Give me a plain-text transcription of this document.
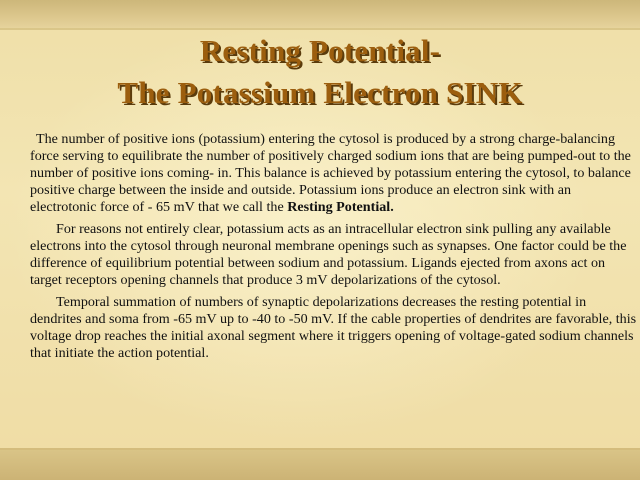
Resting Potential-
The Potassium Electron SINK

The number of positive ions (potassium) entering the cytosol is produced by a strong charge-balancing force serving to equilibrate the number of positively charged sodium ions that are being pumped-out to the number of positive ions coming- in. This balance is achieved by potassium entering the cytosol, to balance positive charge between the inside and outside. Potassium ions produce an electron sink with an electrotonic force of - 65 mV that we call the Resting Potential.

For reasons not entirely clear, potassium acts as an intracellular electron sink pulling any available electrons into the cytosol through neuronal membrane openings such as synapses. One factor could be the difference of equilibrium potential between sodium and potassium. Ligands ejected from axons act on target receptors opening channels that produce 3 mV depolarizations of the cytosol.

Temporal summation of numbers of synaptic depolarizations decreases the resting potential in dendrites and soma from -65 mV up to -40 to -50 mV. If the cable properties of dendrites are favorable, this voltage drop reaches the initial axonal segment where it triggers opening of voltage-gated sodium channels that initiate the action potential.
